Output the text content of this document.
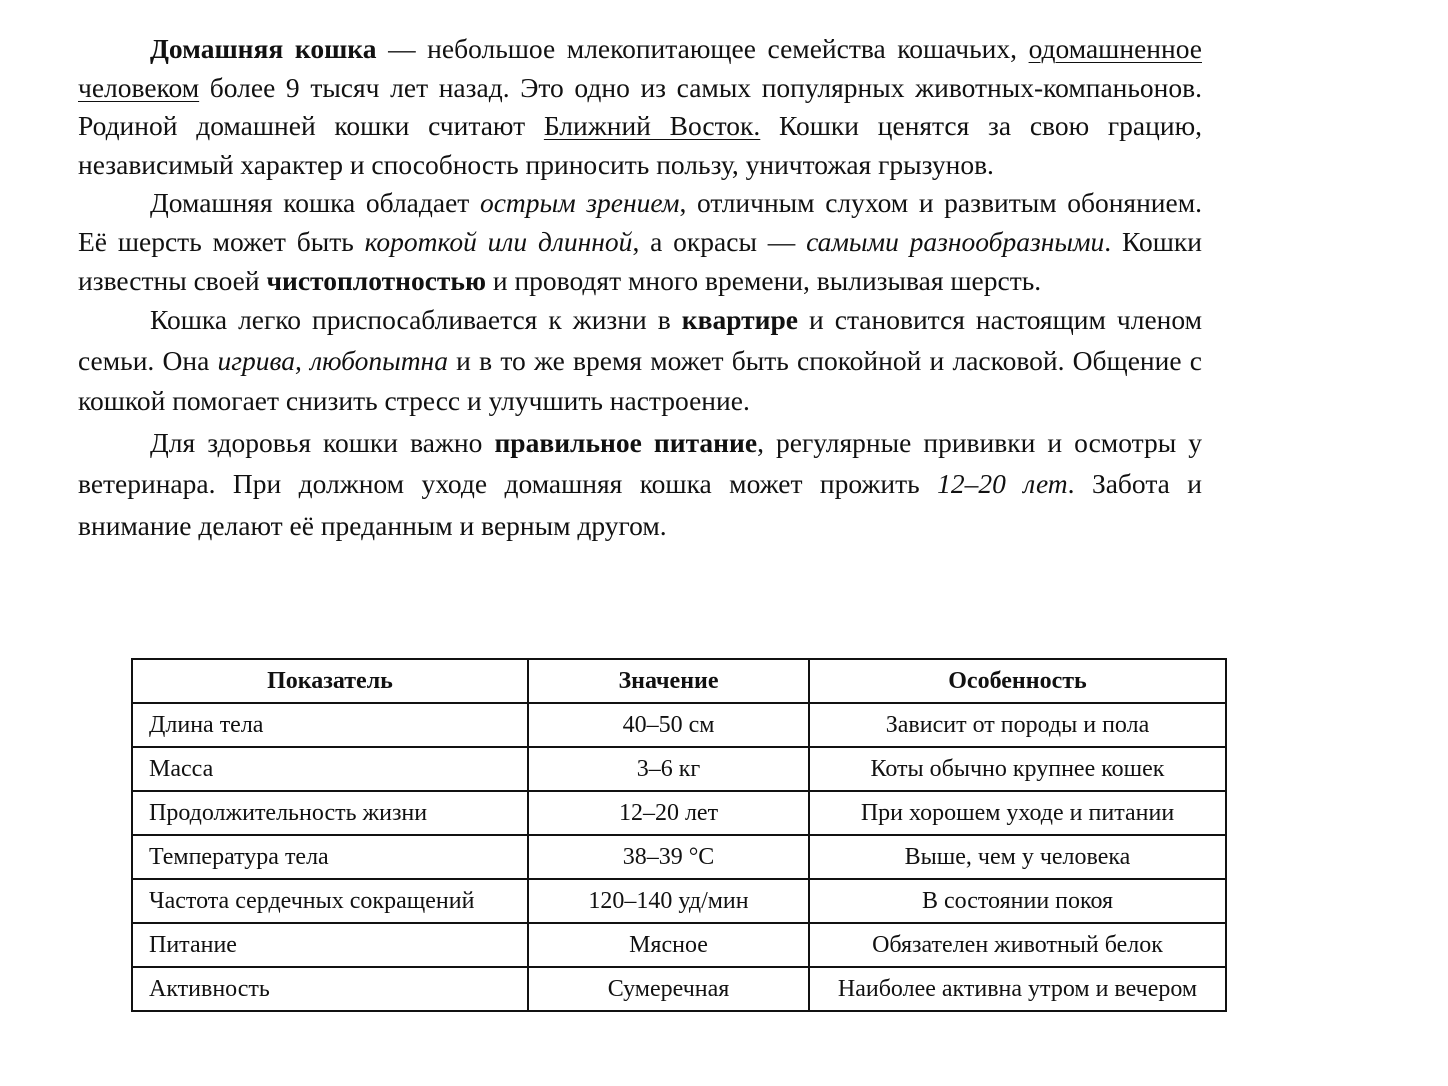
Домашняя кошка — небольшое млекопитающее семейства кошачьих, одомашненное человеком более 9 тысяч лет назад. Это одно из самых популярных животных-компаньонов. Родиной домашней кошки считают Ближний Восток. Кошки ценятся за свою грацию, независимый характер и способность приносить пользу, уничтожая грызунов.

Домашняя кошка обладает острым зрением, отличным слухом и развитым обонянием. Её шерсть может быть короткой или длинной, а окрасы — самыми разнообразными. Кошки известны своей чистоплотностью и проводят много времени, вылизывая шерсть.

Кошка легко приспосабливается к жизни в квартире и становится настоящим членом семьи. Она игрива, любопытна и в то же время может быть спокойной и ласковой. Общение с кошкой помогает снизить стресс и улучшить настроение.

Для здоровья кошки важно правильное питание, регулярные прививки и осмотры у ветеринара. При должном уходе домашняя кошка может прожить 12–20 лет. Забота и внимание делают её преданным и верным другом.

Показатель	Значение	Особенность
Длина тела	40–50 см	Зависит от породы и пола
Масса	3–6 кг	Коты обычно крупнее кошек
Продолжительность жизни	12–20 лет	При хорошем уходе и питании
Температура тела	38–39 °С	Выше, чем у человека
Частота сердечных сокращений	120–140 уд/мин	В состоянии покоя
Питание	Мясное	Обязателен животный белок
Активность	Сумеречная	Наиболее активна утром и вечером
